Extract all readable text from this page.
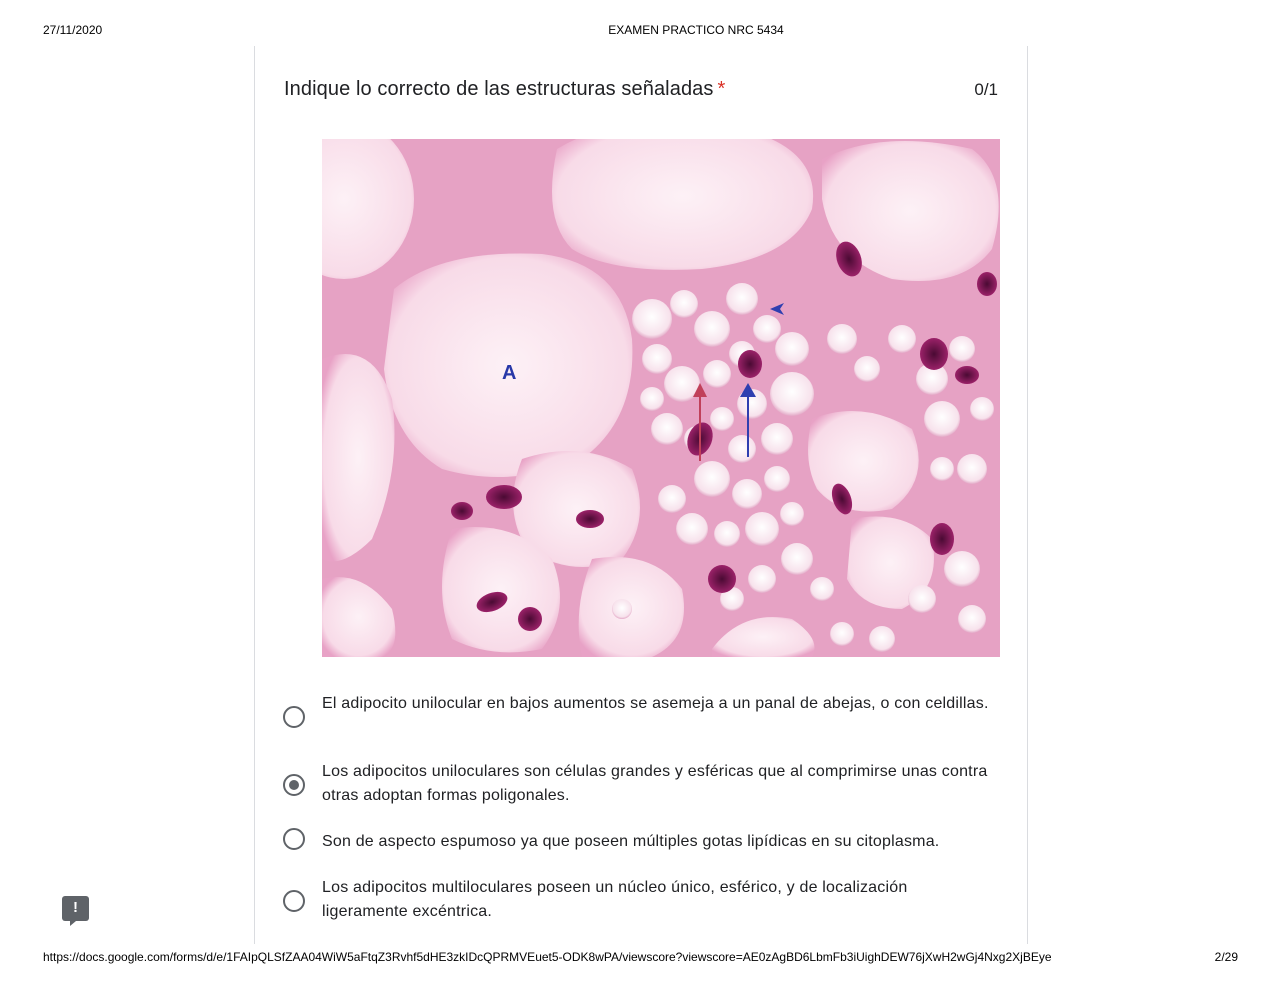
27/11/2020	EXAMEN PRACTICO NRC 5434
Indique lo correcto de las estructuras señaladas *	0/1
A
El adipocito unilocular en bajos aumentos se asemeja a un panal de abejas, o con celdillas.
Los adipocitos uniloculares son células grandes y esféricas que al comprimirse unas contra otras adoptan formas poligonales.
Son de aspecto espumoso ya que poseen múltiples gotas lipídicas en su citoplasma.
Los adipocitos multiloculares poseen un núcleo único, esférico, y de localización ligeramente excéntrica.
!
https://docs.google.com/forms/d/e/1FAIpQLSfZAA04WiW5aFtqZ3Rvhf5dHE3zkIDcQPRMVEuet5-ODK8wPA/viewscore?viewscore=AE0zAgBD6LbmFb3iUighDEW76jXwH2wGj4Nxg2XjBEye	2/29
